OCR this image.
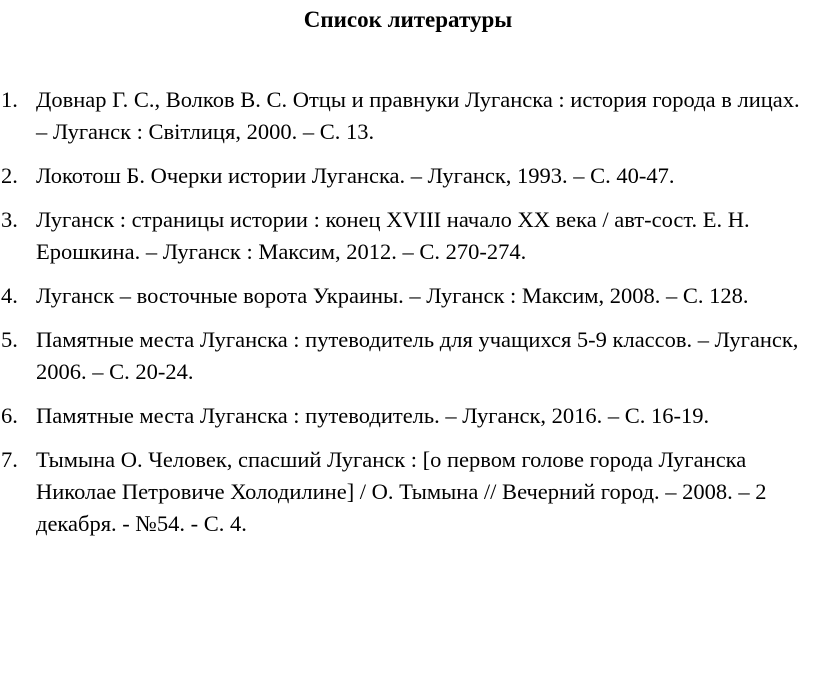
Список литературы
1. Довнар Г. С., Волков В. С. Отцы и правнуки Луганска : история города в лицах. – Луганск : Світлиця, 2000. – С. 13.
2. Локотош Б. Очерки истории Луганска. – Луганск, 1993. – С. 40-47.
3. Луганск : страницы истории : конец XVIII начало XX века / авт-сост. Е. Н. Ерошкина. – Луганск : Максим, 2012. – С. 270-274.
4. Луганск – восточные ворота Украины. – Луганск : Максим, 2008. – С. 128.
5. Памятные места Луганска : путеводитель для учащихся 5-9 классов. – Луганск, 2006. – С. 20-24.
6. Памятные места Луганска : путеводитель. – Луганск, 2016. – С. 16-19.
7. Тымына О. Человек, спасший Луганск : [о первом голове города Луганска Николае Петровиче Холодилине] / О. Тымына // Вечерний город. – 2008. – 2 декабря. - №54. - С. 4.
